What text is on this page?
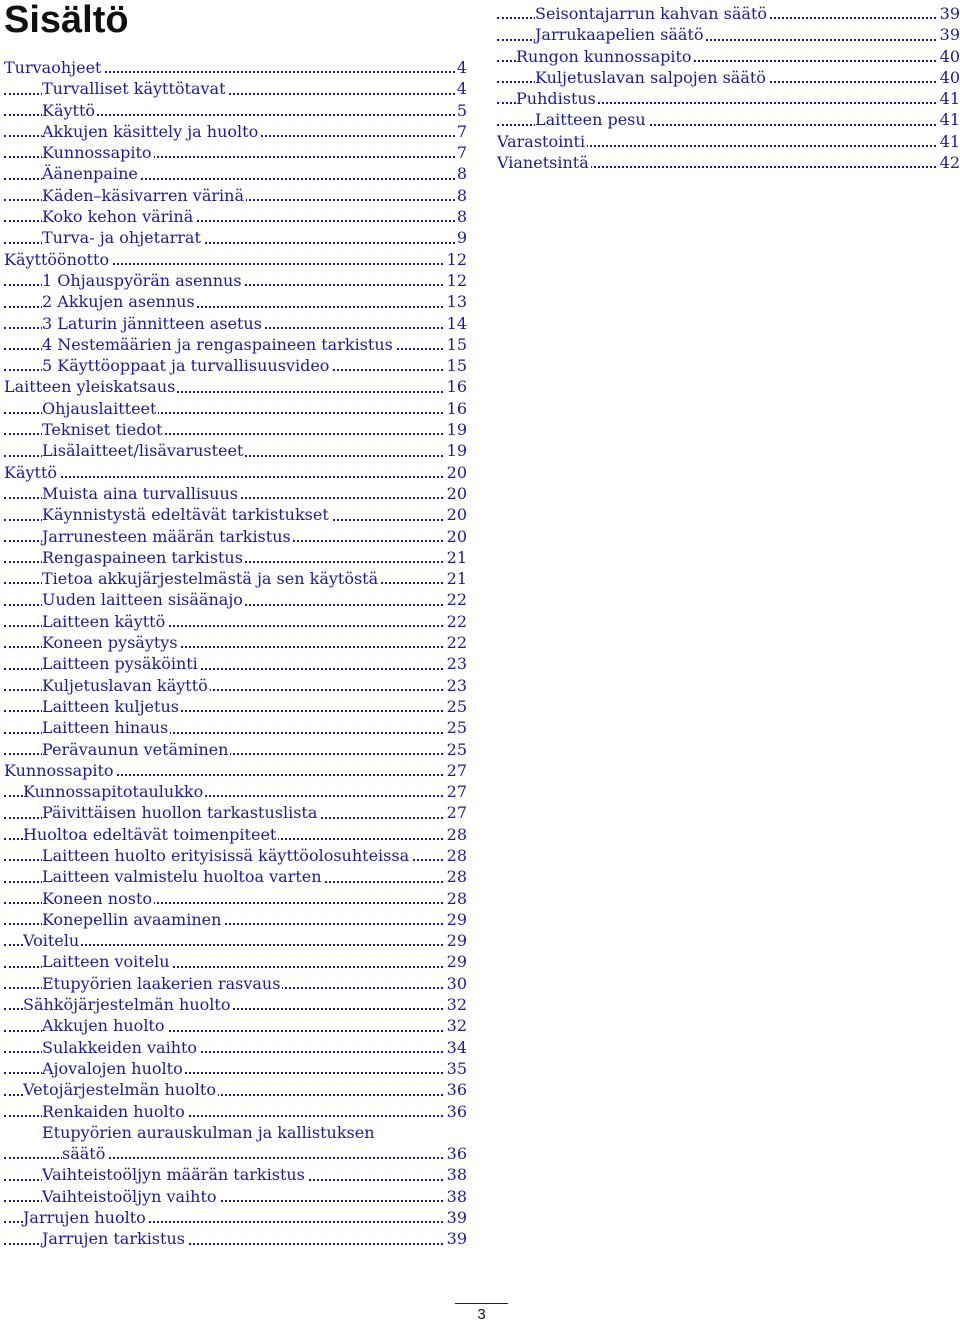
Sisältö
Turvaohjeet	4
Turvalliset käyttötavat	4
Käyttö	5
Akkujen käsittely ja huolto	7
Kunnossapito	7
Äänenpaine	8
Käden–käsivarren värinä	8
Koko kehon värinä	8
Turva- ja ohjetarrat	9
Käyttöönotto	12
1 Ohjauspyörän asennus	12
2 Akkujen asennus	13
3 Laturin jännitteen asetus	14
4 Nestemäärien ja rengaspaineen tarkistus	15
5 Käyttöoppaat ja turvallisuusvideo	15
Laitteen yleiskatsaus	16
Ohjauslaitteet	16
Tekniset tiedot	19
Lisälaitteet/lisävarusteet	19
Käyttö	20
Muista aina turvallisuus	20
Käynnistystä edeltävät tarkistukset	20
Jarrunesteen määrän tarkistus	20
Rengaspaineen tarkistus	21
Tietoa akkujärjestelmästä ja sen käytöstä	21
Uuden laitteen sisäänajo	22
Laitteen käyttö	22
Koneen pysäytys	22
Laitteen pysäköinti	23
Kuljetuslavan käyttö	23
Laitteen kuljetus	25
Laitteen hinaus	25
Perävaunun vetäminen	25
Kunnossapito	27
Kunnossapitotaulukko	27
Päivittäisen huollon tarkastuslista	27
Huoltoa edeltävät toimenpiteet	28
Laitteen huolto erityisissä käyttöolosuhteissa 28
Laitteen valmistelu huoltoa varten	28
Koneen nosto	28
Konepellin avaaminen	29
Voitelu	29
Laitteen voitelu	29
Etupyörien laakerien rasvaus	30
Sähköjärjestelmän huolto	32
Akkujen huolto	32
Sulakkeiden vaihto	34
Ajovalojen huolto	35
Vetojärjestelmän huolto	36
Renkaiden huolto	36
Etupyörien aurauskulman ja kallistuksen
säätö	36
Vaihteistoöljyn määrän tarkistus	38
Vaihteistoöljyn vaihto	38
Jarrujen huolto	39
Jarrujen tarkistus	39
Seisontajarrun kahvan säätö	39
Jarrukaapelien säätö	39
Rungon kunnossapito	40
Kuljetuslavan salpojen säätö	40
Puhdistus	41
Laitteen pesu	41
Varastointi	41
Vianetsintä	42
3
